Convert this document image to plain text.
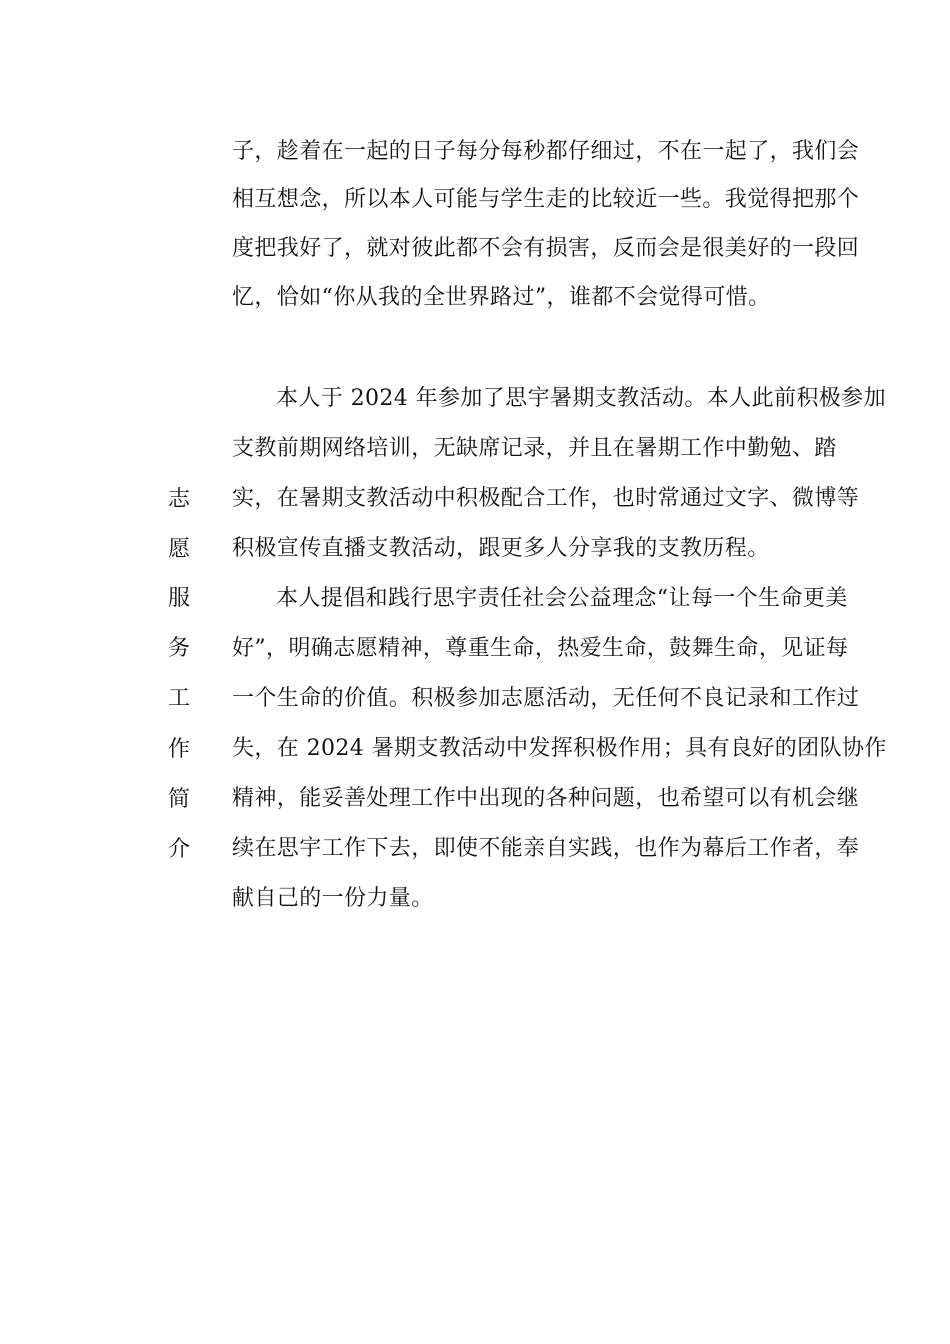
子，趁着在一起的日子每分每秒都仔细过，不在一起了，我们会
相互想念，所以本人可能与学生走的比较近一些。我觉得把那个
度把我好了，就对彼此都不会有损害，反而会是很美好的一段回
忆，恰如“你从我的全世界路过”，谁都不会觉得可惜。
志
愿
服
务
工
作
简
介
本人于 2024 年参加了思宇暑期支教活动。本人此前积极参加
支教前期网络培训，无缺席记录，并且在暑期工作中勤勉、踏
实，在暑期支教活动中积极配合工作，也时常通过文字、微博等
积极宣传直播支教活动，跟更多人分享我的支教历程。
本人提倡和践行思宇责任社会公益理念“让每一个生命更美
好”，明确志愿精神，尊重生命，热爱生命，鼓舞生命，见证每
一个生命的价值。积极参加志愿活动，无任何不良记录和工作过
失，在 2024 暑期支教活动中发挥积极作用；具有良好的团队协作
精神，能妥善处理工作中出现的各种问题，也希望可以有机会继
续在思宇工作下去，即使不能亲自实践，也作为幕后工作者，奉
献自己的一份力量。
